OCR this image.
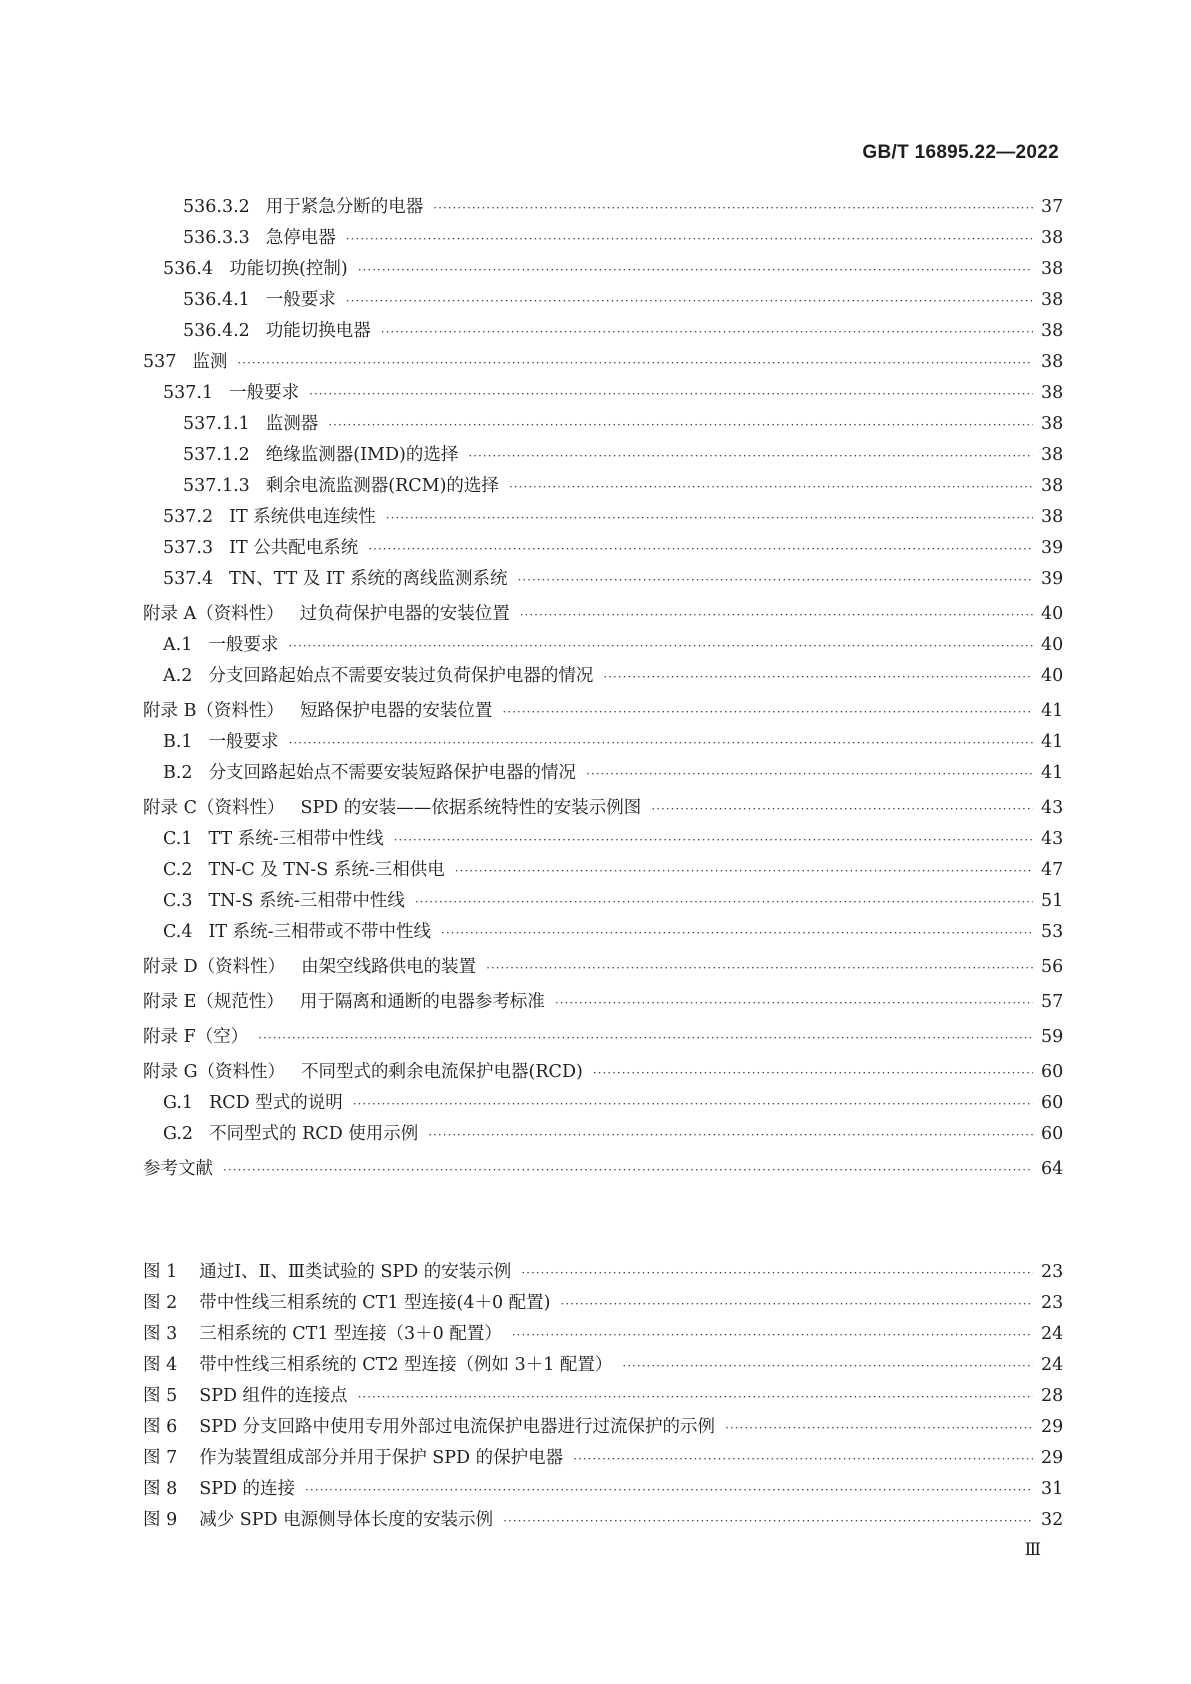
GB/T 16895.22—2022
536.3.2 用于紧急分断的电器 ·····	37
536.3.3 急停电器 ·····	38
536.4 功能切换(控制) ·····	38
536.4.1 一般要求 ·····	38
536.4.2 功能切换电器 ·····	38
537 监测 ·····	38
537.1 一般要求 ·····	38
537.1.1 监测器 ·····	38
537.1.2 绝缘监测器(IMD)的选择 ·····	38
537.1.3 剩余电流监测器(RCM)的选择 ·····	38
537.2 IT 系统供电连续性 ·····	38
537.3 IT 公共配电系统 ·····	39
537.4 TN、TT 及 IT 系统的离线监测系统 ·····	39
附录 A（资料性） 过负荷保护电器的安装位置 ·····	40
A.1 一般要求 ·····	40
A.2 分支回路起始点不需要安装过负荷保护电器的情况 ·····	40
附录 B（资料性） 短路保护电器的安装位置 ·····	41
B.1 一般要求 ·····	41
B.2 分支回路起始点不需要安装短路保护电器的情况 ·····	41
附录 C（资料性） SPD 的安装——依据系统特性的安装示例图 ·····	43
C.1 TT 系统-三相带中性线 ·····	43
C.2 TN-C 及 TN-S 系统-三相供电 ·····	47
C.3 TN-S 系统-三相带中性线 ·····	51
C.4 IT 系统-三相带或不带中性线 ·····	53
附录 D（资料性） 由架空线路供电的装置 ·····	56
附录 E（规范性） 用于隔离和通断的电器参考标准 ·····	57
附录 F（空） ·····	59
附录 G（资料性） 不同型式的剩余电流保护电器(RCD) ·····	60
G.1 RCD 型式的说明 ·····	60
G.2 不同型式的 RCD 使用示例 ·····	60
参考文献 ·····	64
图 1 通过Ⅰ、Ⅱ、Ⅲ类试验的 SPD 的安装示例 ·····	23
图 2 带中性线三相系统的 CT1 型连接(4＋0 配置) ·····	23
图 3 三相系统的 CT1 型连接（3＋0 配置） ·····	24
图 4 带中性线三相系统的 CT2 型连接（例如 3＋1 配置） ·····	24
图 5 SPD 组件的连接点 ·····	28
图 6 SPD 分支回路中使用专用外部过电流保护电器进行过流保护的示例 ·····	29
图 7 作为装置组成部分并用于保护 SPD 的保护电器 ·····	29
图 8 SPD 的连接 ·····	31
图 9 减少 SPD 电源侧导体长度的安装示例 ·····	32
Ⅲ
